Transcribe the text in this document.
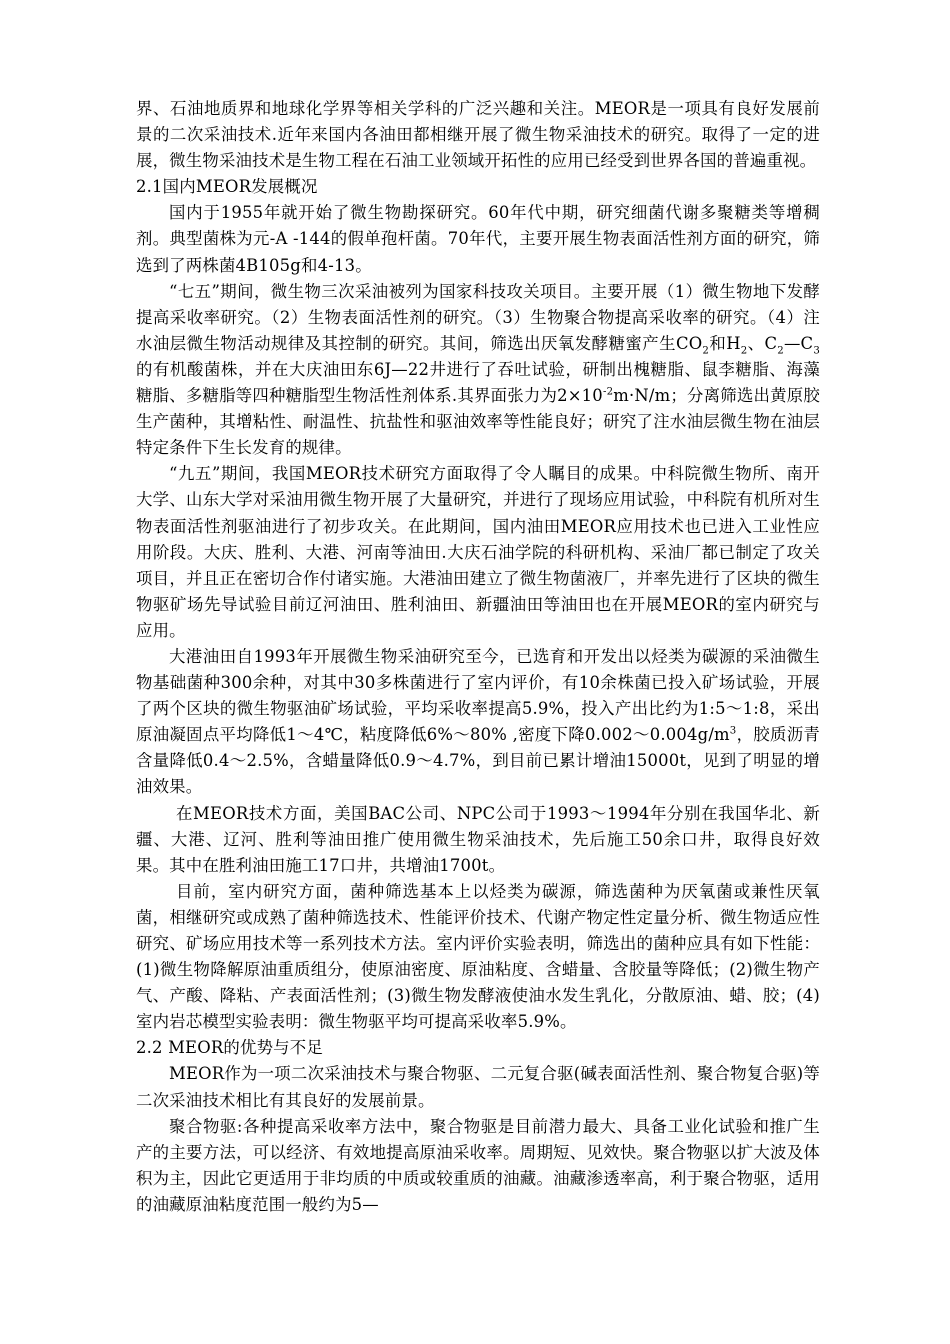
界、石油地质界和地球化学界等相关学科的广泛兴趣和关注。MEOR是一项具有良好发展前景的二次采油技术.近年来国内各油田都相继开展了微生物采油技术的研究。取得了一定的进展，微生物采油技术是生物工程在石油工业领域开拓性的应用已经受到世界各国的普遍重视。

2.1国内MEOR发展概况

国内于1955年就开始了微生物勘探研究。60年代中期，研究细菌代谢多聚糖类等增稠剂。典型菌株为元-A -144的假单孢杆菌。70年代，主要开展生物表面活性剂方面的研究，筛选到了两株菌4B105g和4-13。

“七五”期间，微生物三次采油被列为国家科技攻关项目。主要开展（1）微生物地下发酵提高采收率研究。（2）生物表面活性剂的研究。（3）生物聚合物提高采收率的研究。（4）注水油层微生物活动规律及其控制的研究。其间，筛选出厌氧发酵糖蜜产生$CO_2$和$H_2$、$C_2—C_3$的有机酸菌株，并在大庆油田东6J—22井进行了吞吐试验，研制出槐糖脂、鼠李糖脂、海藻糖脂、多糖脂等四种糖脂型生物活性剂体系.其界面张力为$2\times 10^{-2}m\cdot N/m$；分离筛选出黄原胶生产菌种，其增粘性、耐温性、抗盐性和驱油效率等性能良好；研究了注水油层微生物在油层特定条件下生长发育的规律。

“九五”期间，我国MEOR技术研究方面取得了令人瞩目的成果。中科院微生物所、南开大学、山东大学对采油用微生物开展了大量研究，并进行了现场应用试验，中科院有机所对生物表面活性剂驱油进行了初步攻关。在此期间，国内油田MEOR应用技术也已进入工业性应用阶段。大庆、胜利、大港、河南等油田.大庆石油学院的科研机构、采油厂都已制定了攻关项目，并且正在密切合作付诸实施。大港油田建立了微生物菌液厂，并率先进行了区块的微生物驱矿场先导试验目前辽河油田、胜利油田、新疆油田等油田也在开展MEOR的室内研究与应用。

大港油田自1993年开展微生物采油研究至今，已选育和开发出以烃类为碳源的采油微生物基础菌种300余种，对其中30多株菌进行了室内评价，有10余株菌已投入矿场试验，开展了两个区块的微生物驱油矿场试验，平均采收率提高5.9%，投入产出比约为1:5～1:8，采出原油凝固点平均降低1～4℃，粘度降低6%～80% ,密度下降$0.002\sim 0.004g/m^3$，胶质沥青含量降低0.4～2.5%，含蜡量降低0.9～4.7%，到目前已累计增油15000t，见到了明显的增油效果。

在MEOR技术方面，美国BAC公司、NPC公司于1993～1994年分别在我国华北、新疆、大港、辽河、胜利等油田推广使用微生物采油技术，先后施工50余口井，取得良好效果。其中在胜利油田施工17口井，共增油1700t。

目前，室内研究方面，菌种筛选基本上以烃类为碳源，筛选菌种为厌氧菌或兼性厌氧菌，相继研究或成熟了菌种筛选技术、性能评价技术、代谢产物定性定量分析、微生物适应性研究、矿场应用技术等一系列技术方法。室内评价实验表明，筛选出的菌种应具有如下性能：(1)微生物降解原油重质组分，使原油密度、原油粘度、含蜡量、含胶量等降低；(2)微生物产气、产酸、降粘、产表面活性剂；(3)微生物发酵液使油水发生乳化，分散原油、蜡、胶；(4)室内岩芯模型实验表明：微生物驱平均可提高采收率5.9%。

2.2 MEOR的优势与不足

MEOR作为一项二次采油技术与聚合物驱、二元复合驱(碱表面活性剂、聚合物复合驱)等二次采油技术相比有其良好的发展前景。

聚合物驱:各种提高采收率方法中，聚合物驱是目前潜力最大、具备工业化试验和推广生产的主要方法，可以经济、有效地提高原油采收率。周期短、见效快。聚合物驱以扩大波及体积为主，因此它更适用于非均质的中质或较重质的油藏。油藏渗透率高，利于聚合物驱，适用的油藏原油粘度范围一般约为5—
